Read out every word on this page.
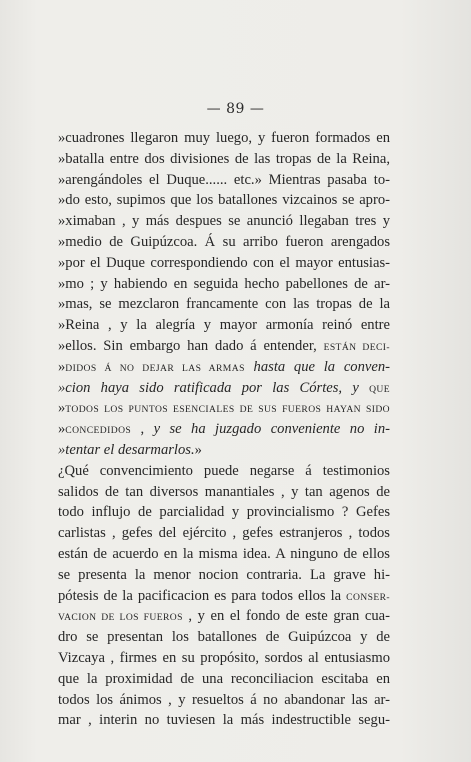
— 89 —
»cuadrones llegaron muy luego, y fueron formados en
»batalla entre dos divisiones de las tropas de la Reina,
»arengándoles el Duque...... etc.» Mientras pasaba to-
»do esto, supimos que los batallones vizcainos se apro-
»ximaban , y más despues se anunció llegaban tres y
»medio de Guipúzcoa. Á su arribo fueron arengados
»por el Duque correspondiendo con el mayor entusias-
»mo ; y habiendo en seguida hecho pabellones de ar-
»mas, se mezclaron francamente con las tropas de la
»Reina , y la alegría y mayor armonía reinó entre
»ellos. Sin embargo han dado á entender, ESTÁN DECI-
»DIDOS Á NO DEJAR LAS ARMAS hasta que la conven-
»cion haya sido ratificada por las Córtes, y QUE
»TODOS LOS PUNTOS ESENCIALES DE SUS FUEROS HAYAN SIDO
»CONCEDIDOS , y se ha juzgado conveniente no in-
»tentar el desarmarlos.»
¿Qué convencimiento puede negarse á testimonios
salidos de tan diversos manantiales , y tan agenos de
todo influjo de parcialidad y provincialismo ? Gefes
carlistas , gefes del ejército , gefes estranjeros , todos
están de acuerdo en la misma idea. A ninguno de ellos
se presenta la menor nocion contraria. La grave hi-
pótesis de la pacificacion es para todos ellos la CONSER-
VACION DE LOS FUEROS , y en el fondo de este gran cua-
dro se presentan los batallones de Guipúzcoa y de
Vizcaya , firmes en su propósito, sordos al entusiasmo
que la proximidad de una reconciliacion escitaba en
todos los ánimos , y resueltos á no abandonar las ar-
mar , interin no tuviesen la más indestructible segu-
